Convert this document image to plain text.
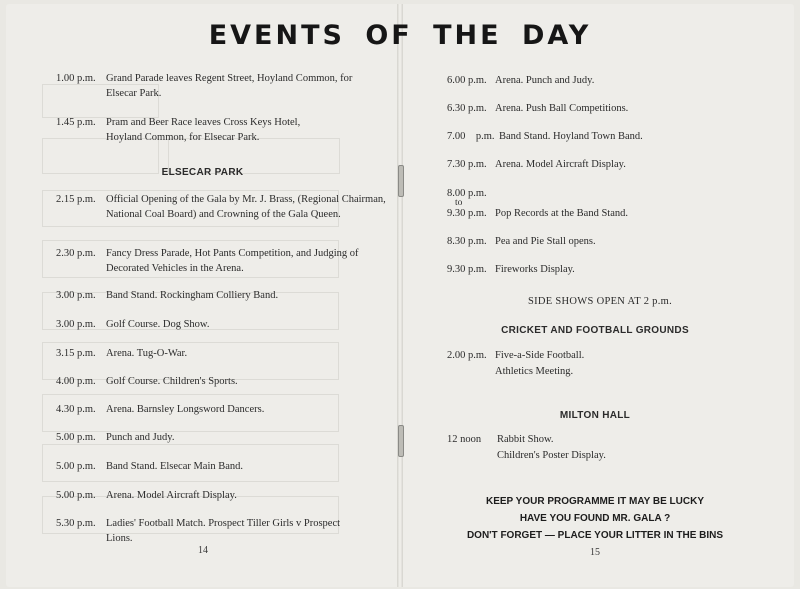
EVENTS OF THE DAY
1.00 p.m. Grand Parade leaves Regent Street, Hoyland Common, for Elsecar Park.
1.45 p.m. Pram and Beer Race leaves Cross Keys Hotel, Hoyland Common, for Elsecar Park.
ELSECAR PARK
2.15 p.m. Official Opening of the Gala by Mr. J. Brass, (Regional Chairman, National Coal Board) and Crowning of the Gala Queen.
2.30 p.m. Fancy Dress Parade, Hot Pants Competition, and Judging of Decorated Vehicles in the Arena.
3.00 p.m. Band Stand. Rockingham Colliery Band.
3.00 p.m. Golf Course. Dog Show.
3.15 p.m. Arena. Tug-O-War.
4.00 p.m. Golf Course. Children's Sports.
4.30 p.m. Arena. Barnsley Longsword Dancers.
5.00 p.m. Punch and Judy.
5.00 p.m. Band Stand. Elsecar Main Band.
5.00 p.m. Arena. Model Aircraft Display.
5.30 p.m. Ladies' Football Match. Prospect Tiller Girls v Prospect Lions.
14
6.00 p.m. Arena. Punch and Judy.
6.30 p.m. Arena. Push Ball Competitions.
7.00    p.m. Band Stand. Hoyland Town Band.
7.30 p.m. Arena. Model Aircraft Display.
8.00 p.m.
to
9.30 p.m. Pop Records at the Band Stand.
8.30 p.m. Pea and Pie Stall opens.
9.30 p.m. Fireworks Display.
SIDE SHOWS OPEN AT 2 p.m.
CRICKET AND FOOTBALL GROUNDS
2.00 p.m. Five-a-Side Football.
Athletics Meeting.
MILTON HALL
12 noon	Rabbit Show.
Children's Poster Display.
KEEP YOUR PROGRAMME IT MAY BE LUCKY
HAVE YOU FOUND MR. GALA ?
DON'T FORGET — PLACE YOUR LITTER IN THE BINS
15
